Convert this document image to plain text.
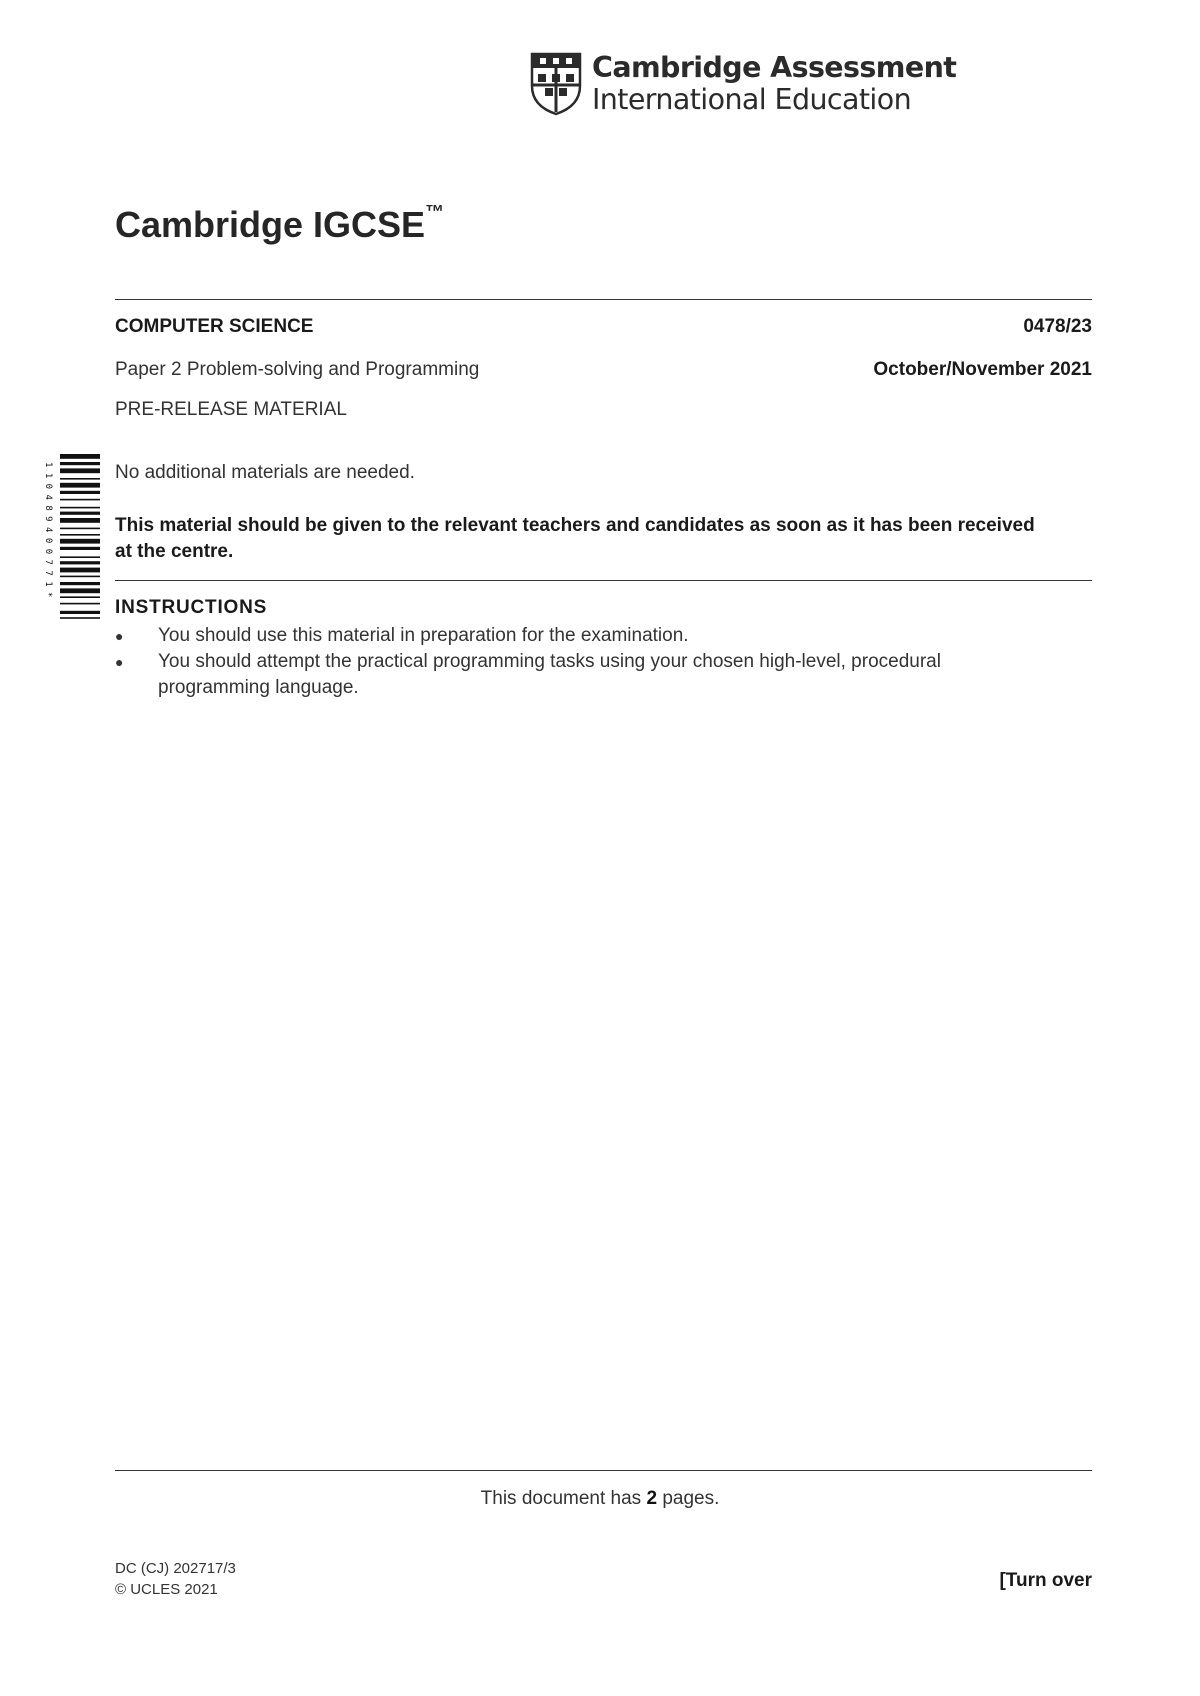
Cambridge Assessment
International Education
Cambridge IGCSE™
COMPUTER SCIENCE	0478/23
Paper 2 Problem-solving and Programming	October/November 2021
PRE-RELEASE MATERIAL
No additional materials are needed.
This material should be given to the relevant teachers and candidates as soon as it has been received at the centre.
INSTRUCTIONS
● You should use this material in preparation for the examination.
● You should attempt the practical programming tasks using your chosen high-level, procedural programming language.
1 1 0 4 8 9 4 0 0 7 7 1 *
This document has 2 pages.
DC (CJ) 202717/3
© UCLES 2021	[Turn over
